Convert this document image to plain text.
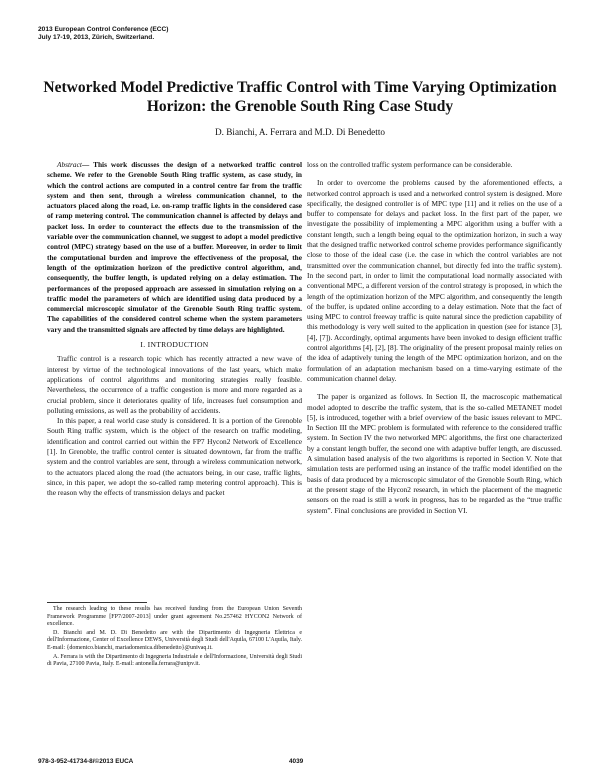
2013 European Control Conference (ECC)
July 17-19, 2013, Zürich, Switzerland.
Networked Model Predictive Traffic Control with Time Varying Optimization Horizon: the Grenoble South Ring Case Study
D. Bianchi, A. Ferrara and M.D. Di Benedetto

Abstract— This work discusses the design of a networked traffic control scheme. We refer to the Grenoble South Ring traffic system, as case study, in which the control actions are computed in a control centre far from the traffic system and then sent, through a wireless communication channel, to the actuators placed along the road, i.e. on-ramp traffic lights in the considered case of ramp metering control. The communication channel is affected by delays and packet loss. In order to counteract the effects due to the transmission of the variable over the communication channel, we suggest to adopt a model predictive control (MPC) strategy based on the use of a buffer. Moreover, in order to limit the computational burden and improve the effectiveness of the proposal, the length of the optimization horizon of the predictive control algorithm, and, consequently, the buffer length, is updated relying on a delay estimation. The performances of the proposed approach are assessed in simulation relying on a traffic model the parameters of which are identified using data produced by a commercial microscopic simulator of the Grenoble South Ring traffic system. The capabilities of the considered control scheme when the system parameters vary and the transmitted signals are affected by time delays are highlighted.

I. INTRODUCTION

Traffic control is a research topic which has recently attracted a new wave of interest by virtue of the technological innovations of the last years, which make applications of control algorithms and monitoring strategies really feasible. Nevertheless, the occurrence of a traffic congestion is more and more regarded as a crucial problem, since it deteriorates quality of life, increases fuel consumption and polluting emissions, as well as the probability of accidents.

In this paper, a real world case study is considered. It is a portion of the Grenoble South Ring traffic system, which is the object of the research on traffic modeling, identification and control carried out within the FP7 Hycon2 Network of Excellence [1]. In Grenoble, the traffic control center is situated downtown, far from the traffic system and the control variables are sent, through a wireless communication network, to the actuators placed along the road (the actuators being, in our case, traffic lights, since, in this paper, we adopt the so-called ramp metering control approach). This is the reason why the effects of transmission delays and packet

The research leading to these results has received funding from the European Union Seventh Framework Programme [FP7/2007-2013] under grant agreement No.257462 HYCON2 Network of excellence.

D. Bianchi and M. D. Di Benedetto are with the Dipartimento di Ingegneria Elettrica e dell'Informazione, Center of Excellence DEWS, Università degli Studi dell'Aquila, 67100 L'Aquila, Italy. E-mail: {domenico.bianchi, mariadomenica.dibenedetto}@univaq.it.

A. Ferrara is with the Dipartimento di Ingegneria Industriale e dell'Informazione, Università degli Studi di Pavia, 27100 Pavia, Italy. E-mail: antonella.ferrara@unipv.it.

loss on the controlled traffic system performance can be considerable.

In order to overcome the problems caused by the aforementioned effects, a networked control approach is used and a networked control system is designed. More specifically, the designed controller is of MPC type [11] and it relies on the use of a buffer to compensate for delays and packet loss. In the first part of the paper, we investigate the possibility of implementing a MPC algorithm using a buffer with a constant length, such a length being equal to the optimization horizon, in such a way that the designed traffic networked control scheme provides performance significantly close to those of the ideal case (i.e. the case in which the control variables are not transmitted over the communication channel, but directly fed into the traffic system). In the second part, in order to limit the computational load normally associated with conventional MPC, a different version of the control strategy is proposed, in which the length of the optimization horizon of the MPC algorithm, and consequently the length of the buffer, is updated online according to a delay estimation. Note that the fact of using MPC to control freeway traffic is quite natural since the prediction capability of this methodology is very well suited to the application in question (see for istance [3], [4], [7]). Accordingly, optimal arguments have been invoked to design efficient traffic control algorithms [4], [2], [8]. The originality of the present proposal mainly relies on the idea of adaptively tuning the length of the MPC optimization horizon, and on the formulation of an adaptation mechanism based on a time-varying estimate of the communication channel delay.

The paper is organized as follows. In Section II, the macroscopic mathematical model adopted to describe the traffic system, that is the so-called METANET model [5], is introduced, together with a brief overview of the basic issues relevant to MPC. In Section III the MPC problem is formulated with reference to the considered traffic system. In Section IV the two networked MPC algorithms, the first one characterized by a constant length buffer, the second one with adaptive buffer length, are discussed. A simulation based analysis of the two algorithms is reported in Section V. Note that simulation tests are performed using an instance of the traffic model identified on the basis of data produced by a microscopic simulator of the Grenoble South Ring, which at the present stage of the Hycon2 research, in which the placement of the magnetic sensors on the road is still a work in progress, has to be regarded as the “true traffic system”. Final conclusions are provided in Section VI.

978-3-952-41734-8/©2013 EUCA	4039
